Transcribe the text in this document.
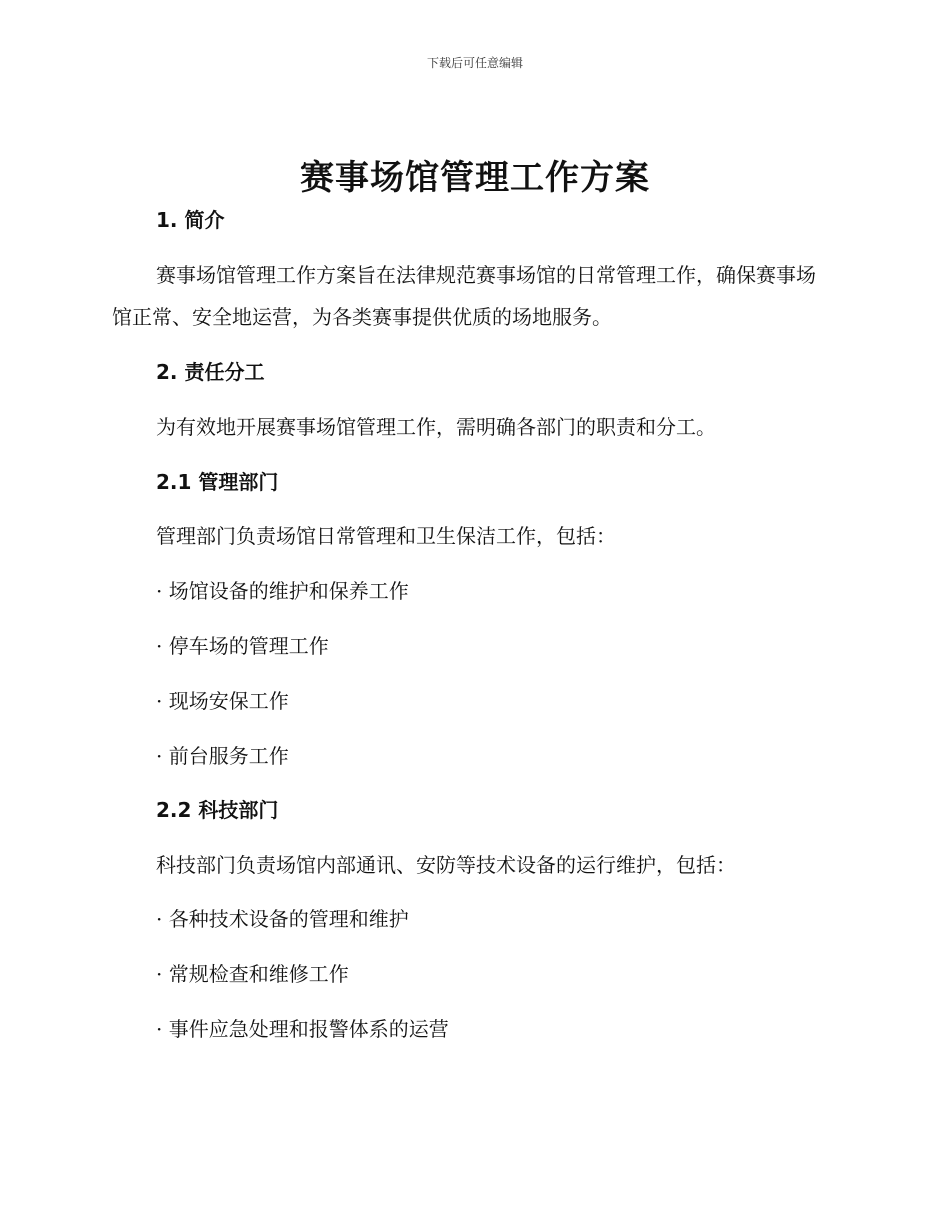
下载后可任意编辑
赛事场馆管理工作方案
1. 简介
赛事场馆管理工作方案旨在法律规范赛事场馆的日常管理工作，确保赛事场馆正常、安全地运营，为各类赛事提供优质的场地服务。
2. 责任分工
为有效地开展赛事场馆管理工作，需明确各部门的职责和分工。
2.1 管理部门
管理部门负责场馆日常管理和卫生保洁工作，包括：
· 场馆设备的维护和保养工作
· 停车场的管理工作
· 现场安保工作
· 前台服务工作
2.2 科技部门
科技部门负责场馆内部通讯、安防等技术设备的运行维护，包括：
· 各种技术设备的管理和维护
· 常规检查和维修工作
· 事件应急处理和报警体系的运营
